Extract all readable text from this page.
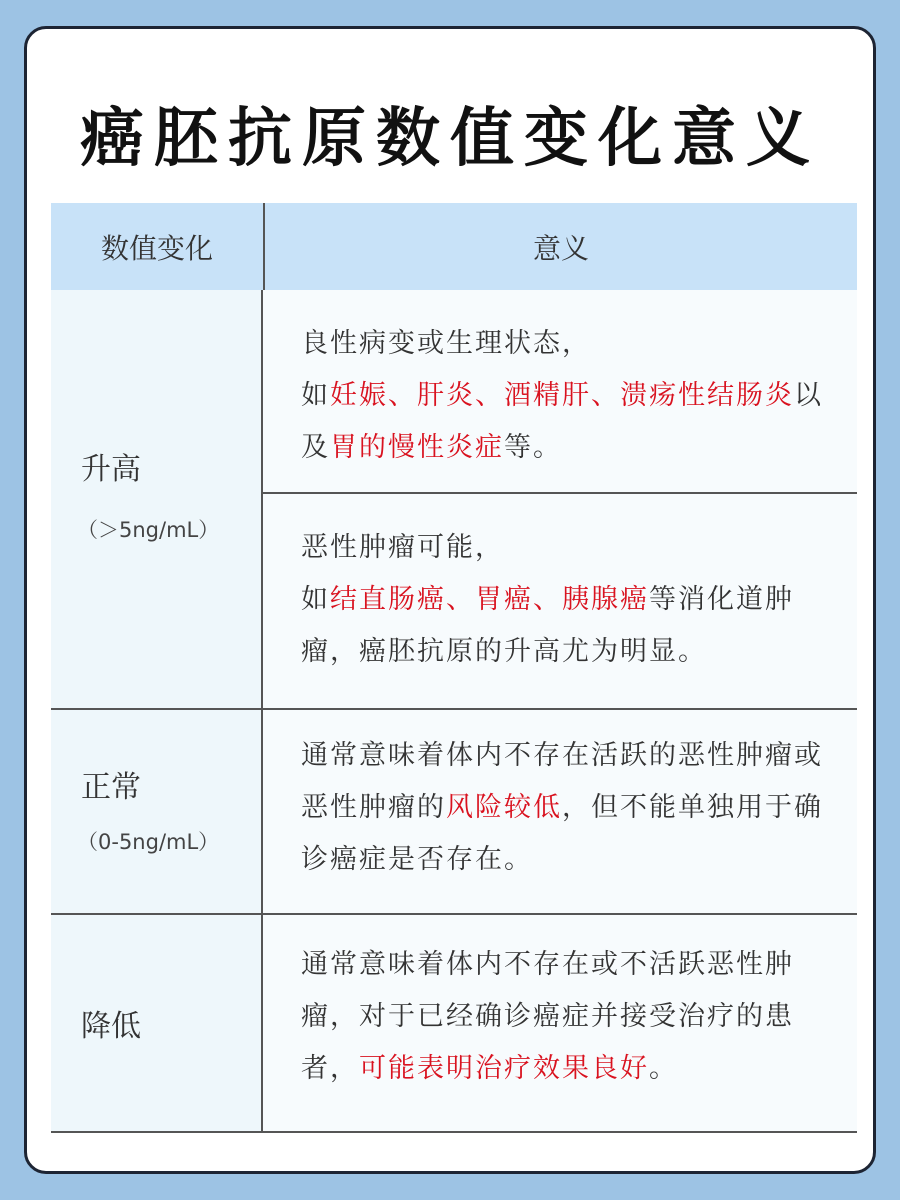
癌胚抗原数值变化意义
数值变化	意义
升高
（＞5ng/mL）
良性病变或生理状态，
如妊娠、肝炎、酒精肝、溃疡性结肠炎以及胃的慢性炎症等。
恶性肿瘤可能，
如结直肠癌、胃癌、胰腺癌等消化道肿瘤，癌胚抗原的升高尤为明显。
正常
（0-5ng/mL）
通常意味着体内不存在活跃的恶性肿瘤或恶性肿瘤的风险较低，但不能单独用于确诊癌症是否存在。
降低
通常意味着体内不存在或不活跃恶性肿瘤，对于已经确诊癌症并接受治疗的患者，可能表明治疗效果良好。
